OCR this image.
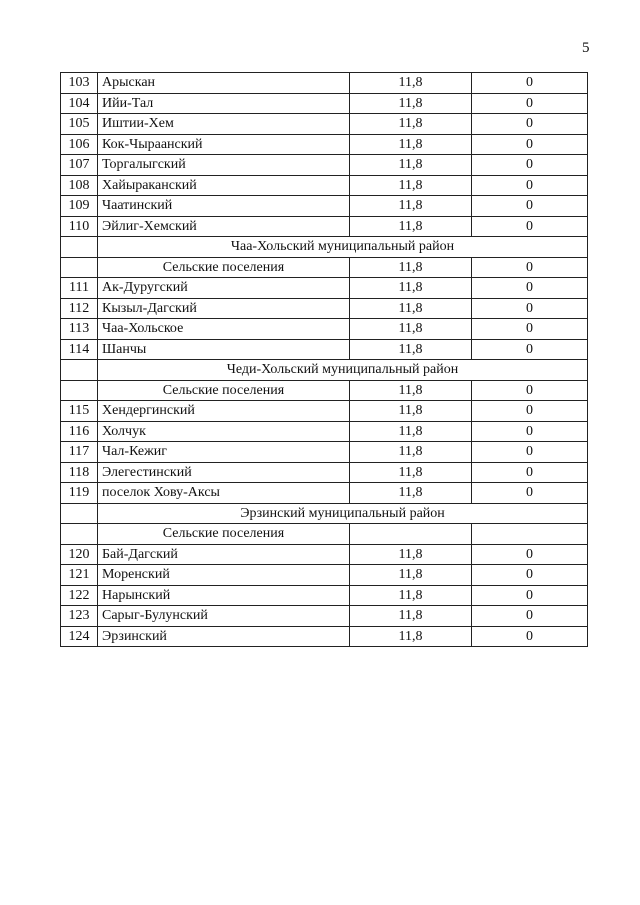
5
103	Арыскан	11,8	0
104	Ийи-Тал	11,8	0
105	Иштии-Хем	11,8	0
106	Кок-Чыраанский	11,8	0
107	Торгалыгский	11,8	0
108	Хайыраканский	11,8	0
109	Чаатинский	11,8	0
110	Эйлиг-Хемский	11,8	0
	Чаа-Хольский муниципальный район		
	Сельские поселения	11,8	0
111	Ак-Дуругский	11,8	0
112	Кызыл-Дагский	11,8	0
113	Чаа-Хольское	11,8	0
114	Шанчы	11,8	0
	Чеди-Хольский муниципальный район		
	Сельские поселения	11,8	0
115	Хендергинский	11,8	0
116	Холчук	11,8	0
117	Чал-Кежиг	11,8	0
118	Элегестинский	11,8	0
119	поселок Хову-Аксы	11,8	0
	Эрзинский муниципальный район		
	Сельские поселения		
120	Бай-Дагский	11,8	0
121	Моренский	11,8	0
122	Нарынский	11,8	0
123	Сарыг-Булунский	11,8	0
124	Эрзинский	11,8	0
